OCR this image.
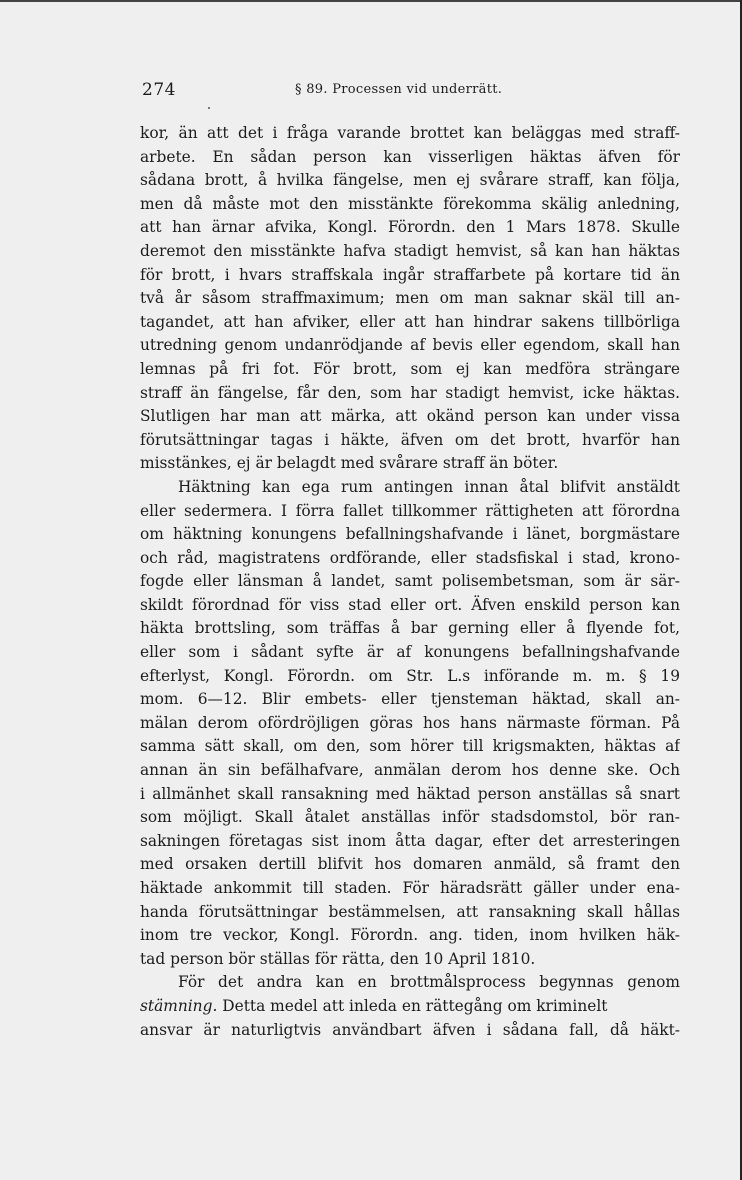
274	§ 89. Processen vid underrätt.
kor, än att det i fråga varande brottet kan beläggas med straff-
arbete. En sådan person kan visserligen häktas äfven för
sådana brott, å hvilka fängelse, men ej svårare straff, kan följa,
men då måste mot den misstänkte förekomma skälig anledning,
att han ärnar afvika, Kongl. Förordn. den 1 Mars 1878. Skulle
deremot den misstänkte hafva stadigt hemvist, så kan han häktas
för brott, i hvars straffskala ingår straffarbete på kortare tid än
två år såsom straffmaximum; men om man saknar skäl till an-
tagandet, att han afviker, eller att han hindrar sakens tillbörliga
utredning genom undanrödjande af bevis eller egendom, skall han
lemnas på fri fot. För brott, som ej kan medföra strängare
straff än fängelse, får den, som har stadigt hemvist, icke häktas.
Slutligen har man att märka, att okänd person kan under vissa
förutsättningar tagas i häkte, äfven om det brott, hvarför han
misstänkes, ej är belagdt med svårare straff än böter.
Häktning kan ega rum antingen innan åtal blifvit anstäldt
eller sedermera. I förra fallet tillkommer rättigheten att förordna
om häktning konungens befallningshafvande i länet, borgmästare
och råd, magistratens ordförande, eller stadsfiskal i stad, krono-
fogde eller länsman å landet, samt polisembetsman, som är sär-
skildt förordnad för viss stad eller ort. Äfven enskild person kan
häkta brottsling, som träffas å bar gerning eller å flyende fot,
eller som i sådant syfte är af konungens befallningshafvande
efterlyst, Kongl. Förordn. om Str. L.s införande m. m. § 19
mom. 6—12. Blir embets- eller tjensteman häktad, skall an-
mälan derom ofördröjligen göras hos hans närmaste förman. På
samma sätt skall, om den, som hörer till krigsmakten, häktas af
annan än sin befälhafvare, anmälan derom hos denne ske. Och
i allmänhet skall ransakning med häktad person anställas så snart
som möjligt. Skall åtalet anställas inför stadsdomstol, bör ran-
sakningen företagas sist inom åtta dagar, efter det arresteringen
med orsaken dertill blifvit hos domaren anmäld, så framt den
häktade ankommit till staden. För häradsrätt gäller under ena-
handa förutsättningar bestämmelsen, att ransakning skall hållas
inom tre veckor, Kongl. Förordn. ang. tiden, inom hvilken häk-
tad person bör ställas för rätta, den 10 April 1810.
För det andra kan en brottmålsprocess begynnas genom
stämning. Detta medel att inleda en rättegång om kriminelt
ansvar är naturligtvis användbart äfven i sådana fall, då häkt-
